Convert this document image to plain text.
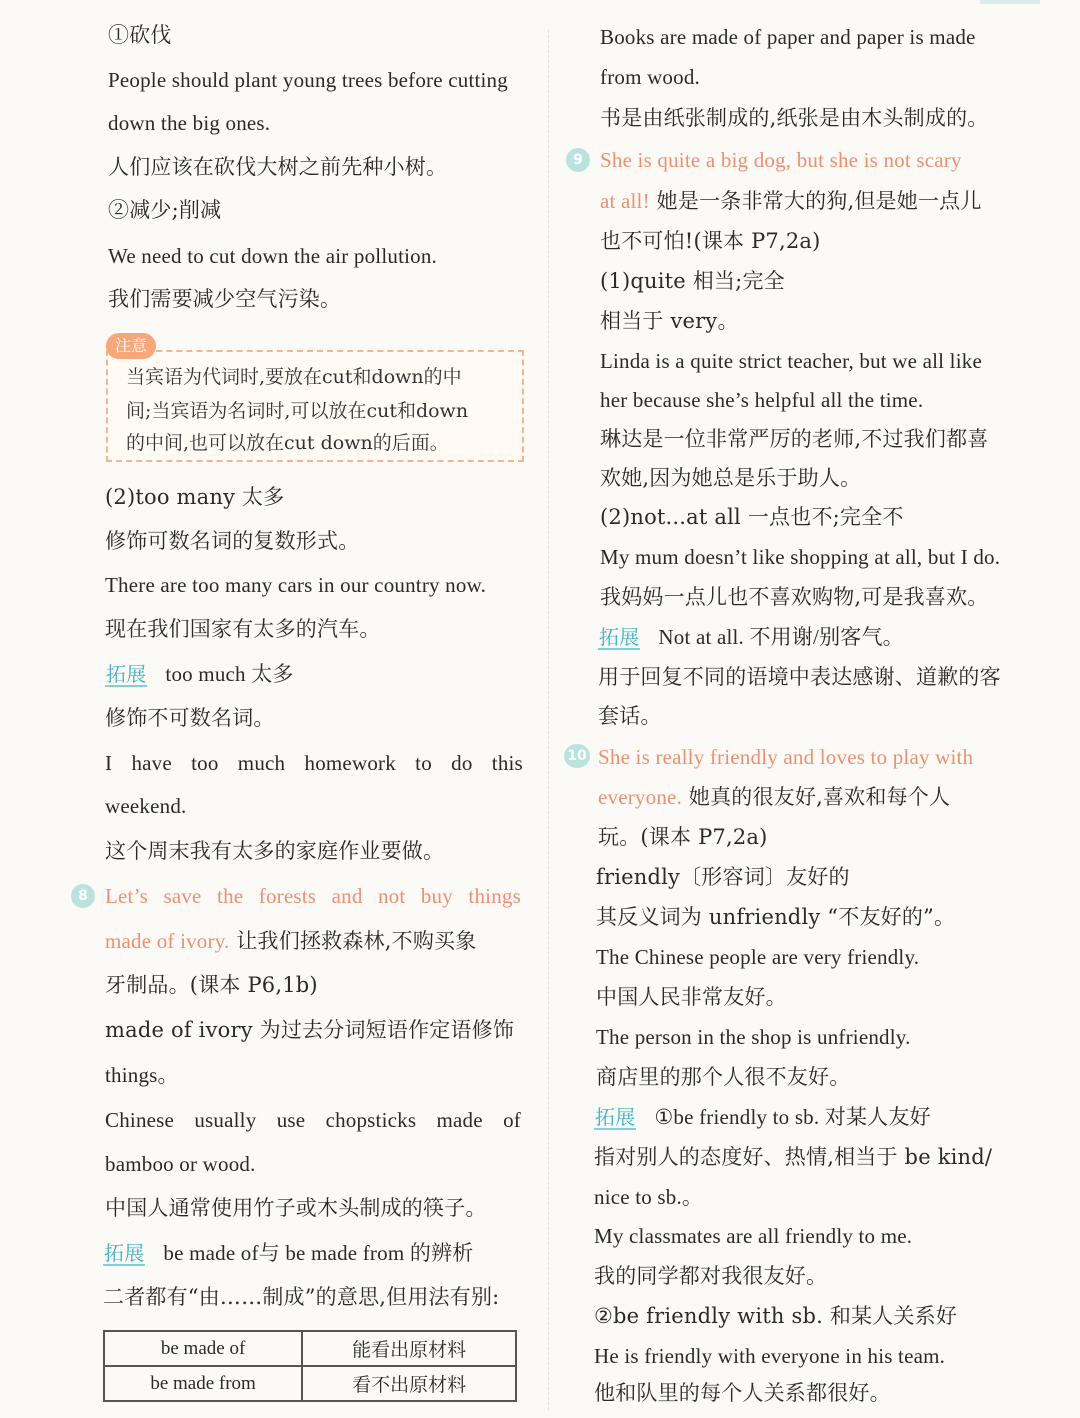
①砍伐
People should plant young trees before cutting
down the big ones.
人们应该在砍伐大树之前先种小树。
②减少;削减
We need to cut down the air pollution.
我们需要减少空气污染。
当宾语为代词时,要放在cut和down的中
间;当宾语为名词时,可以放在cut和down
的中间,也可以放在cut down的后面。
注意
(2)too many 太多
修饰可数名词的复数形式。
There are too many cars in our country now.
现在我们国家有太多的汽车。
拓展 too much 太多
修饰不可数名词。
I have too much homework to do this
weekend.
这个周末我有太多的家庭作业要做。
8 Let’s save the forests and not buy things
made of ivory. 让我们拯救森林,不购买象
牙制品。(课本 P6,1b)
made of ivory 为过去分词短语作定语修饰
things。
Chinese usually use chopsticks made of
bamboo or wood.
中国人通常使用竹子或木头制成的筷子。
拓展 be made of与 be made from 的辨析
二者都有“由……制成”的意思,但用法有别:
be made of	能看出原材料
be made from	看不出原材料
Books are made of paper and paper is made
from wood.
书是由纸张制成的,纸张是由木头制成的。
9 She is quite a big dog, but she is not scary
at all! 她是一条非常大的狗,但是她一点儿
也不可怕!(课本 P7,2a)
(1)quite 相当;完全
相当于 very。
Linda is a quite strict teacher, but we all like
her because she’s helpful all the time.
琳达是一位非常严厉的老师,不过我们都喜
欢她,因为她总是乐于助人。
(2)not...at all 一点也不;完全不
My mum doesn’t like shopping at all, but I do.
我妈妈一点儿也不喜欢购物,可是我喜欢。
拓展 Not at all. 不用谢/别客气。
用于回复不同的语境中表达感谢、道歉的客
套话。
10 She is really friendly and loves to play with
everyone. 她真的很友好,喜欢和每个人
玩。(课本 P7,2a)
friendly〔形容词〕友好的
其反义词为 unfriendly “不友好的”。
The Chinese people are very friendly.
中国人民非常友好。
The person in the shop is unfriendly.
商店里的那个人很不友好。
拓展 ①be friendly to sb. 对某人友好
指对别人的态度好、热情,相当于 be kind/
nice to sb.。
My classmates are all friendly to me.
我的同学都对我很友好。
②be friendly with sb. 和某人关系好
He is friendly with everyone in his team.
他和队里的每个人关系都很好。
